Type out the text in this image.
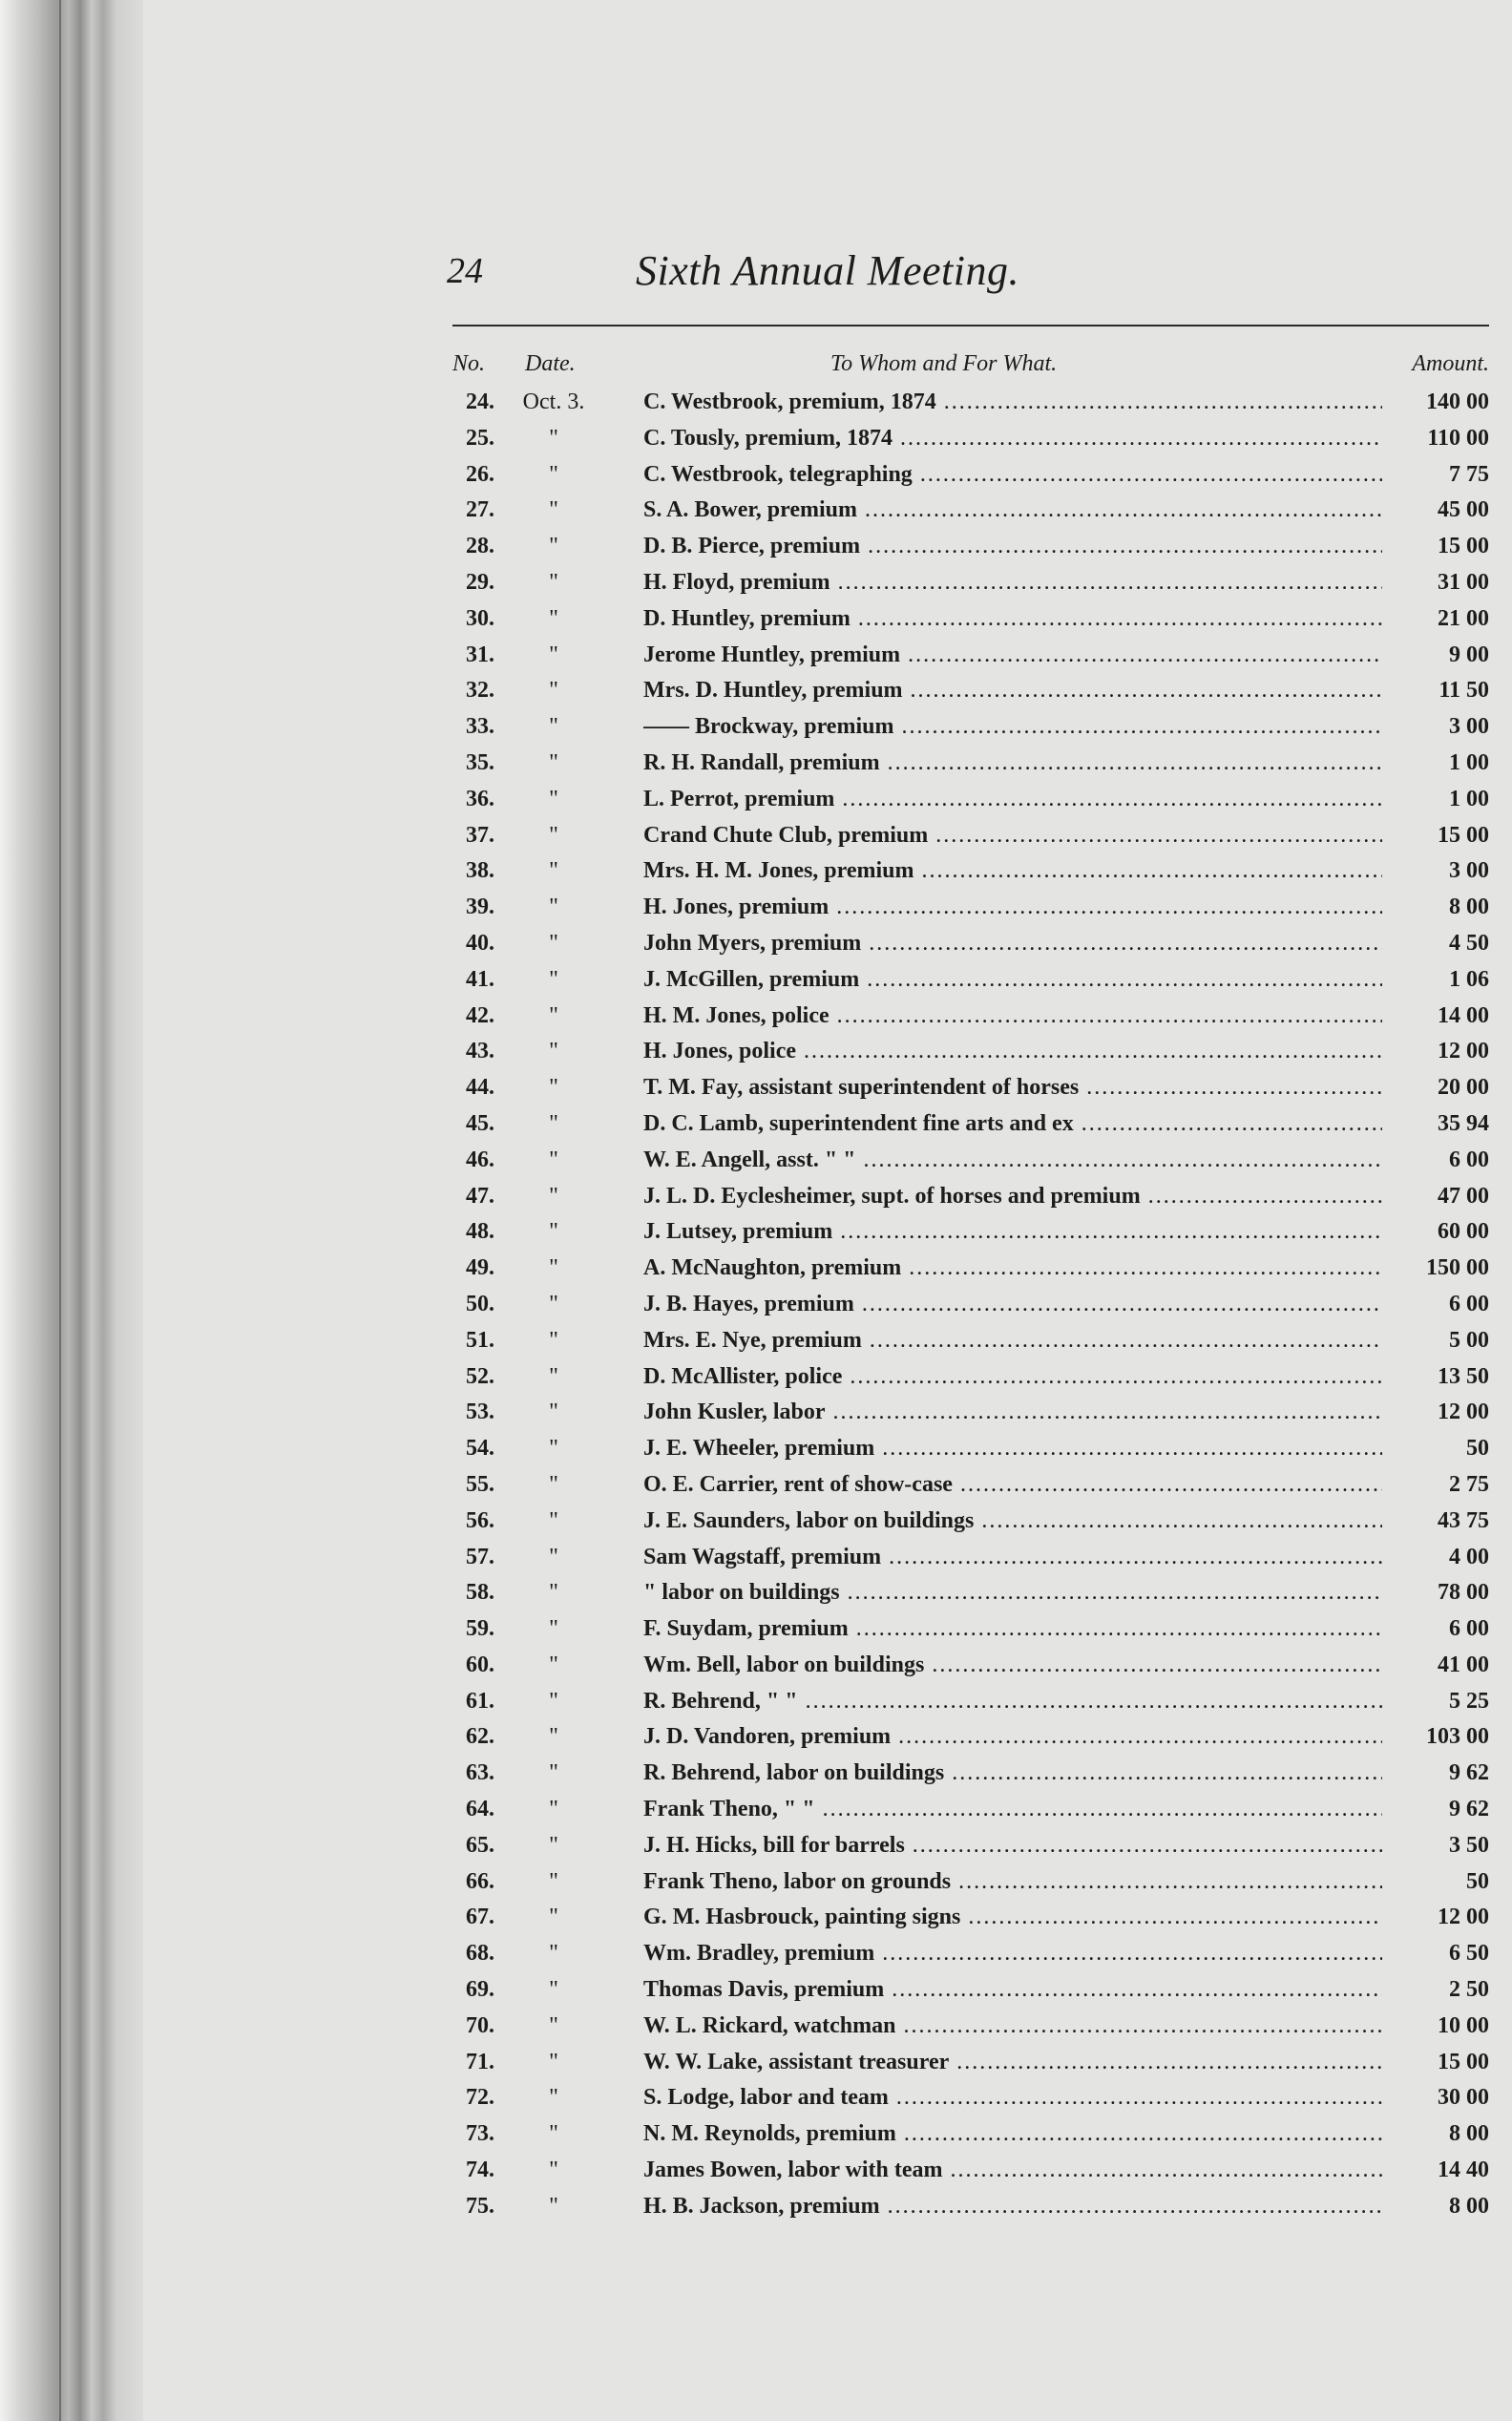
24	Sixth Annual Meeting.
No. Date.	To Whom and For What.	Amount.
24.	Oct. 3.	C. Westbrook, premium, 1874 .....	140 00
25.	"	C. Tously, premium, 1874 .....	110 00
26.	"	C. Westbrook, telegraphing .....	7 75
27.	"	S. A. Bower, premium .....	45 00
28.	"	D. B. Pierce, premium .....	15 00
29.	"	H. Floyd, premium .....	31 00
30.	"	D. Huntley, premium .....	21 00
31.	"	Jerome Huntley, premium .....	9 00
32.	"	Mrs. D. Huntley, premium .....	11 50
33.	"	—— Brockway, premium .....	3 00
35.	"	R. H. Randall, premium .....	1 00
36.	"	L. Perrot, premium .....	1 00
37.	"	Crand Chute Club, premium .....	15 00
38.	"	Mrs. H. M. Jones, premium .....	3 00
39.	"	H. Jones, premium .....	8 00
40.	"	John Myers, premium .....	4 50
41.	"	J. McGillen, premium .....	1 06
42.	"	H. M. Jones, police .....	14 00
43.	"	H. Jones, police .....	12 00
44.	"	T. M. Fay, assistant superintendent of horses .....	20 00
45.	"	D. C. Lamb, superintendent fine arts and ex .....	35 94
46.	"	W. E. Angell, asst. " " .....	6 00
47.	"	J. L. D. Eyclesheimer, supt. of horses and premium .....	47 00
48.	"	J. Lutsey, premium .....	60 00
49.	"	A. McNaughton, premium .....	150 00
50.	"	J. B. Hayes, premium .....	6 00
51.	"	Mrs. E. Nye, premium .....	5 00
52.	"	D. McAllister, police .....	13 50
53.	"	John Kusler, labor .....	12 00
54.	"	J. E. Wheeler, premium .....	50
55.	"	O. E. Carrier, rent of show-case .....	2 75
56.	"	J. E. Saunders, labor on buildings .....	43 75
57.	"	Sam Wagstaff, premium .....	4 00
58.	"	" labor on buildings .....	78 00
59.	"	F. Suydam, premium .....	6 00
60.	"	Wm. Bell, labor on buildings .....	41 00
61.	"	R. Behrend, " " .....	5 25
62.	"	J. D. Vandoren, premium .....	103 00
63.	"	R. Behrend, labor on buildings .....	9 62
64.	"	Frank Theno, " " .....	9 62
65.	"	J. H. Hicks, bill for barrels .....	3 50
66.	"	Frank Theno, labor on grounds .....	50
67.	"	G. M. Hasbrouck, painting signs .....	12 00
68.	"	Wm. Bradley, premium .....	6 50
69.	"	Thomas Davis, premium .....	2 50
70.	"	W. L. Rickard, watchman .....	10 00
71.	"	W. W. Lake, assistant treasurer .....	15 00
72.	"	S. Lodge, labor and team .....	30 00
73.	"	N. M. Reynolds, premium .....	8 00
74.	"	James Bowen, labor with team .....	14 40
75.	"	H. B. Jackson, premium .....	8 00
